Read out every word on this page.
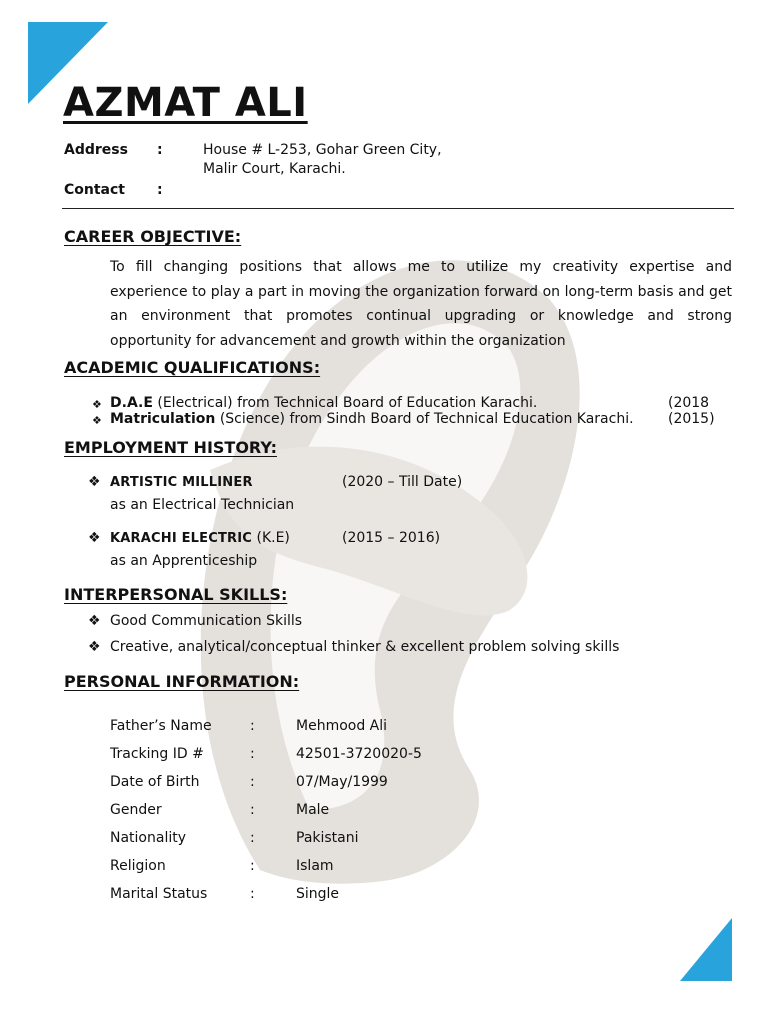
AZMAT ALI
Address :	House # L-253, Gohar Green City,
Malir Court, Karachi.
Contact :
CAREER OBJECTIVE:

To fill changing positions that allows me to utilize my creativity expertise and experience to play a part in moving the organization forward on long-term basis and get an environment that promotes continual upgrading or knowledge and strong opportunity for advancement and growth within the organization

ACADEMIC QUALIFICATIONS:
❖ D.A.E (Electrical) from Technical Board of Education Karachi.	(2018
❖ Matriculation (Science) from Sindh Board of Technical Education Karachi. (2015)
EMPLOYMENT HISTORY:
❖ ARTISTIC MILLINER	(2020 – Till Date)
as an Electrical Technician
❖ KARACHI ELECTRIC (K.E)	(2015 – 2016)
as an Apprenticeship
INTERPERSONAL SKILLS:
❖ Good Communication Skills
❖ Creative, analytical/conceptual thinker & excellent problem solving skills
PERSONAL INFORMATION:
Father’s Name	:	Mehmood Ali
Tracking ID #	:	42501-3720020-5
Date of Birth	:	07/May/1999
Gender	:	Male
Nationality	:	Pakistani
Religion	:	Islam
Marital Status	:	Single
